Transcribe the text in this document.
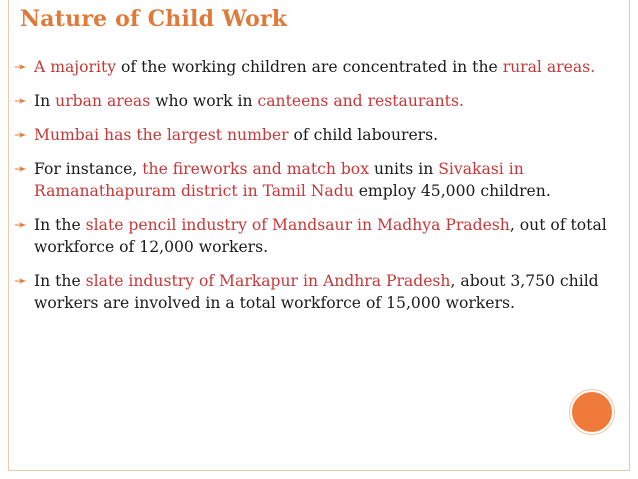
Nature of Child Work
➛ A majority of the working children are concentrated in the rural areas.
➛ In urban areas who work in canteens and restaurants.
➛ Mumbai has the largest number of child labourers.
➛ For instance, the fireworks and match box units in Sivakasi in Ramanathapuram district in Tamil Nadu employ 45,000 children.
➛ In the slate pencil industry of Mandsaur in Madhya Pradesh, out of total workforce of 12,000 workers.
➛ In the slate industry of Markapur in Andhra Pradesh, about 3,750 child workers are involved in a total workforce of 15,000 workers.
